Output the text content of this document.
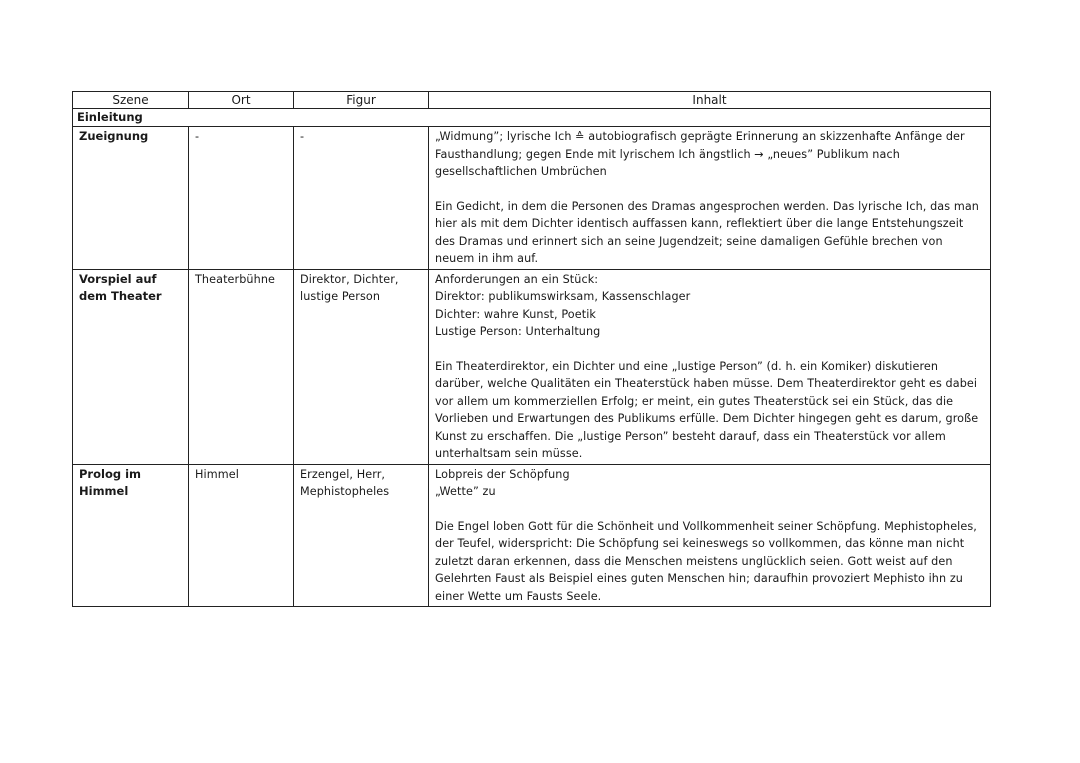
Szene	Ort	Figur	Inhalt
Einleitung			
Zueignung	-	-	„Widmung”; lyrische Ich ≙ autobiografisch geprägte Erinnerung an skizzenhafte Anfänge der Fausthandlung; gegen Ende mit lyrischem Ich ängstlich → „neues” Publikum nach gesellschaftlichen Umbrüchen

Ein Gedicht, in dem die Personen des Dramas angesprochen werden. Das lyrische Ich, das man hier als mit dem Dichter identisch auffassen kann, reflektiert über die lange Entstehungszeit des Dramas und erinnert sich an seine Jugendzeit; seine damaligen Gefühle brechen von neuem in ihm auf.

Vorspiel auf dem Theater	Theaterbühne	Direktor, Dichter, lustige Person	Anforderungen an ein Stück:

Direktor: publikumswirksam, Kassenschlager

Dichter: wahre Kunst, Poetik

Lustige Person: Unterhaltung

Ein Theaterdirektor, ein Dichter und eine „lustige Person” (d. h. ein Komiker) diskutieren darüber, welche Qualitäten ein Theaterstück haben müsse. Dem Theaterdirektor geht es dabei vor allem um kommerziellen Erfolg; er meint, ein gutes Theaterstück sei ein Stück, das die Vorlieben und Erwartungen des Publikums erfülle. Dem Dichter hingegen geht es darum, große Kunst zu erschaffen. Die „lustige Person” besteht darauf, dass ein Theaterstück vor allem unterhaltsam sein müsse.

Prolog im Himmel	Himmel	Erzengel, Herr, Mephistopheles	Lobpreis der Schöpfung

„Wette” zu

Die Engel loben Gott für die Schönheit und Vollkommenheit seiner Schöpfung. Mephistopheles, der Teufel, widerspricht: Die Schöpfung sei keineswegs so vollkommen, das könne man nicht zuletzt daran erkennen, dass die Menschen meistens unglücklich seien. Gott weist auf den Gelehrten Faust als Beispiel eines guten Menschen hin; daraufhin provoziert Mephisto ihn zu einer Wette um Fausts Seele.
